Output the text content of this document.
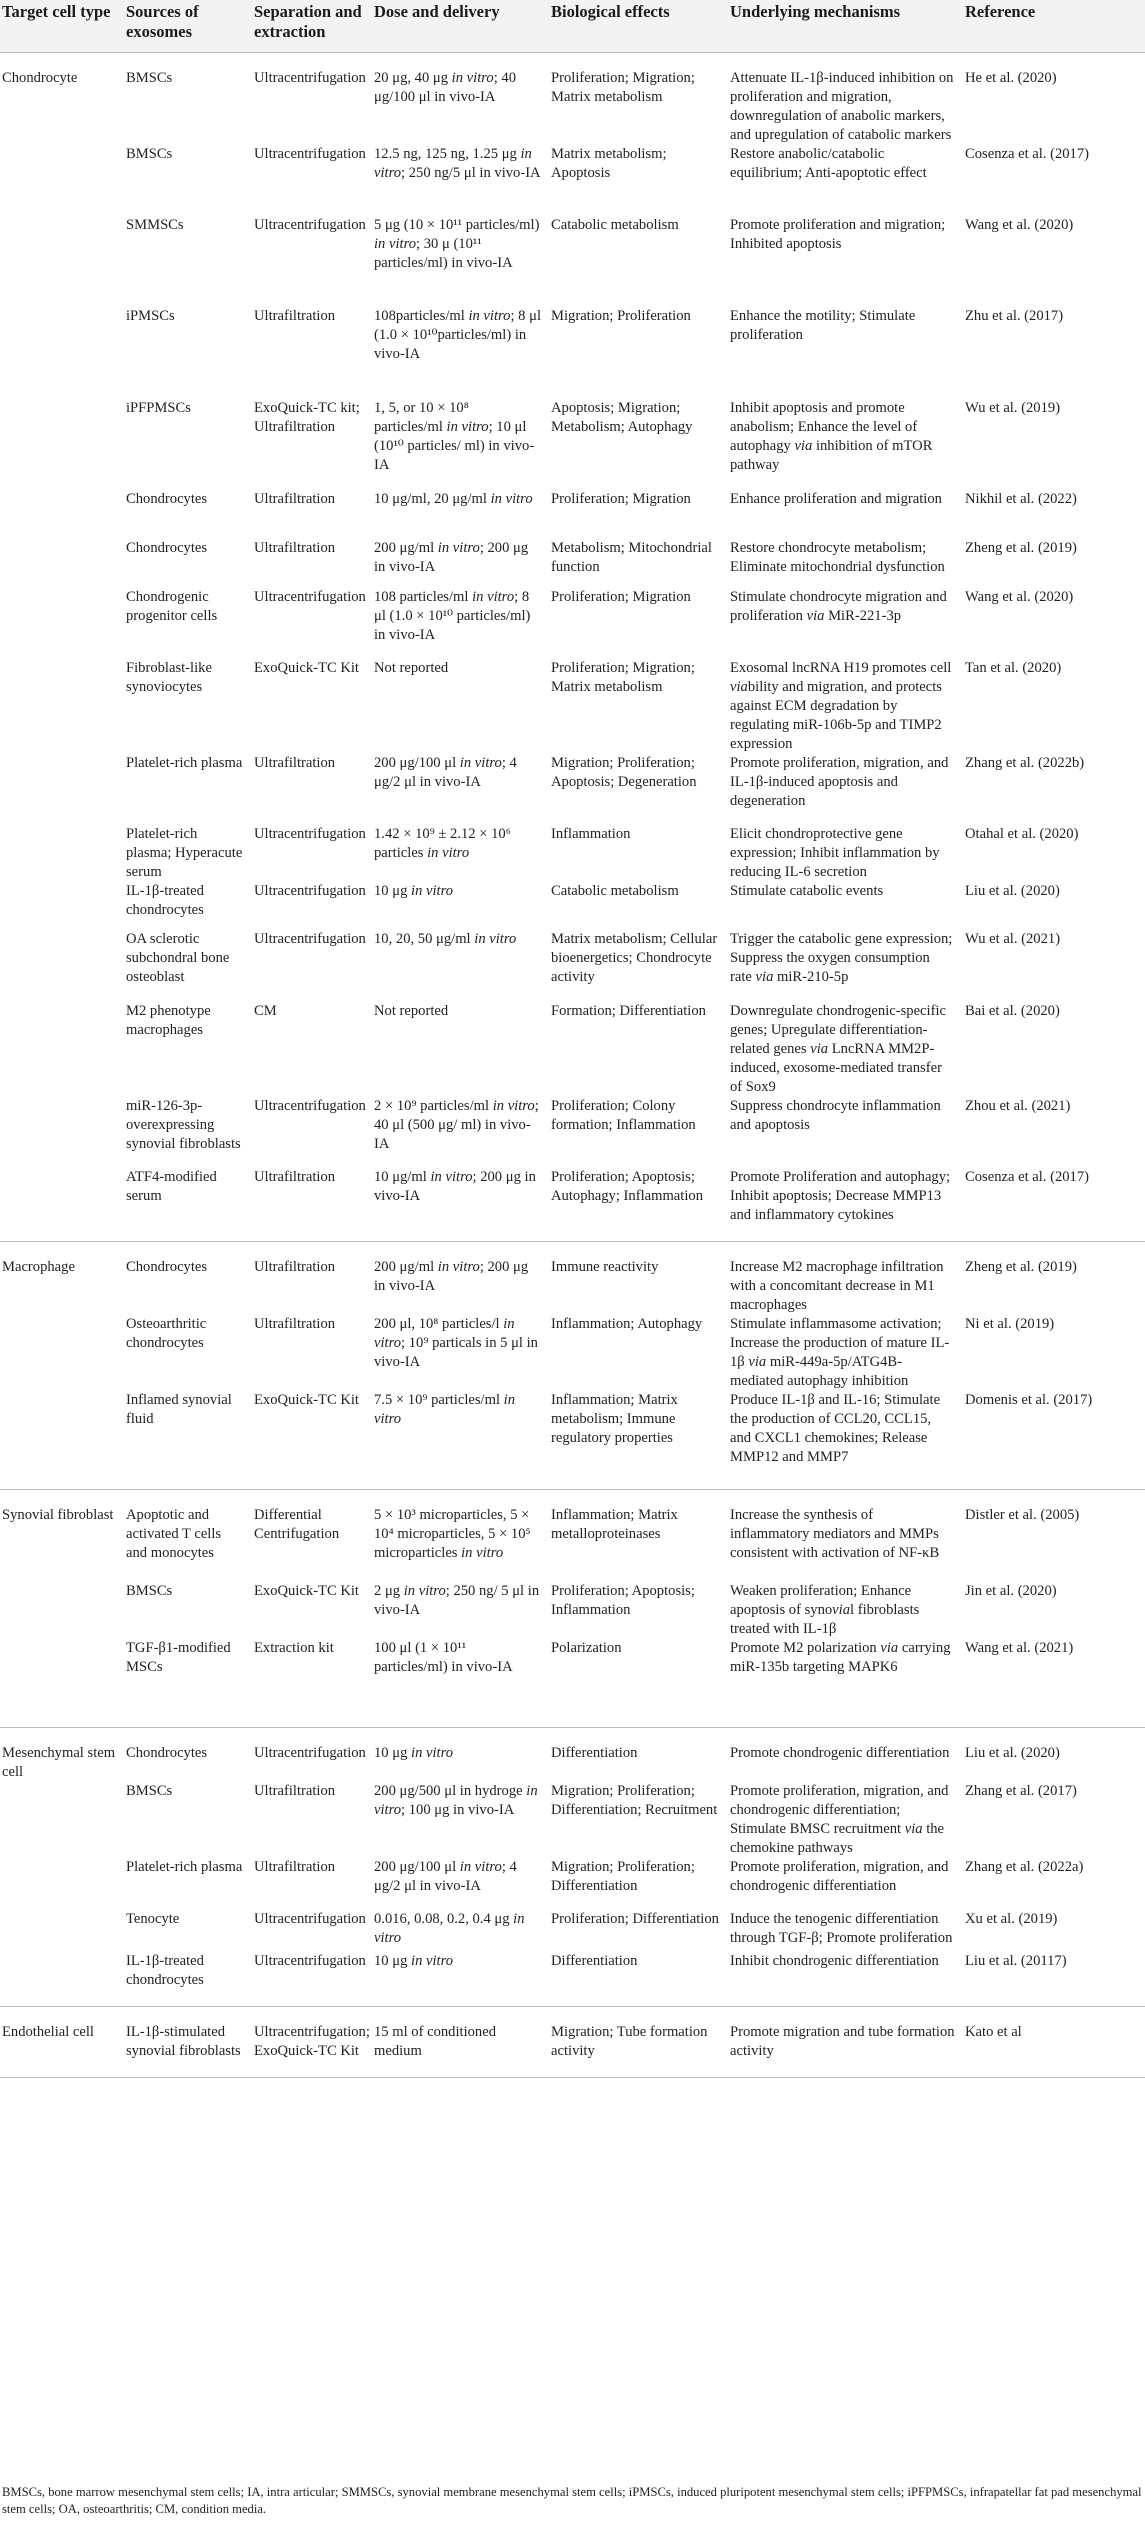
Target cell type	Sources of exosomes	Separation and extraction	Dose and delivery	Biological effects	Underlying mechanisms	Reference
Chondrocyte	BMSCs	Ultracentrifugation	20 μg, 40 μg in vitro; 40 μg/100 μl in vivo-IA	Proliferation; Migration; Matrix metabolism	Attenuate IL-1β-induced inhibition on proliferation and migration, downregulation of anabolic markers, and upregulation of catabolic markers	He et al. (2020)
	BMSCs	Ultracentrifugation	12.5 ng, 125 ng, 1.25 μg in vitro; 250 ng/5 μl in vivo-IA	Matrix metabolism; Apoptosis	Restore anabolic/catabolic equilibrium; Anti-apoptotic effect	Cosenza et al. (2017)
	SMMSCs	Ultracentrifugation	5 μg (10 × 10¹¹ particles/ml) in vitro; 30 μ (10¹¹ particles/ml) in vivo-IA	Catabolic metabolism	Promote proliferation and migration; Inhibited apoptosis	Wang et al. (2020)
	iPMSCs	Ultrafiltration	108particles/ml in vitro; 8 μl (1.0 × 10¹⁰particles/ml) in vivo-IA	Migration; Proliferation	Enhance the motility; Stimulate proliferation	Zhu et al. (2017)
	iPFPMSCs	ExoQuick-TC kit; Ultrafiltration	1, 5, or 10 × 10⁸ particles/ml in vitro; 10 μl (10¹⁰ particles/ ml) in vivo-IA	Apoptosis; Migration; Metabolism; Autophagy	Inhibit apoptosis and promote anabolism; Enhance the level of autophagy via inhibition of mTOR pathway	Wu et al. (2019)
	Chondrocytes	Ultrafiltration	10 μg/ml, 20 μg/ml in vitro	Proliferation; Migration	Enhance proliferation and migration	Nikhil et al. (2022)
	Chondrocytes	Ultrafiltration	200 μg/ml in vitro; 200 μg in vivo-IA	Metabolism; Mitochondrial function	Restore chondrocyte metabolism; Eliminate mitochondrial dysfunction	Zheng et al. (2019)
	Chondrogenic progenitor cells	Ultracentrifugation	108 particles/ml in vitro; 8 μl (1.0 × 10¹⁰ particles/ml) in vivo-IA	Proliferation; Migration	Stimulate chondrocyte migration and proliferation via MiR-221-3p	Wang et al. (2020)
	Fibroblast-like synoviocytes	ExoQuick-TC Kit	Not reported	Proliferation; Migration; Matrix metabolism	Exosomal lncRNA H19 promotes cell viability and migration, and protects against ECM degradation by regulating miR-106b-5p and TIMP2 expression	Tan et al. (2020)
	Platelet-rich plasma	Ultrafiltration	200 μg/100 μl in vitro; 4 μg/2 μl in vivo-IA	Migration; Proliferation; Apoptosis; Degeneration	Promote proliferation, migration, and IL-1β-induced apoptosis and degeneration	Zhang et al. (2022b)
	Platelet-rich plasma; Hyperacute serum	Ultracentrifugation	1.42 × 10⁹ ± 2.12 × 10⁶ particles in vitro	Inflammation	Elicit chondroprotective gene expression; Inhibit inflammation by reducing IL-6 secretion	Otahal et al. (2020)
	IL-1β-treated chondrocytes	Ultracentrifugation	10 μg in vitro	Catabolic metabolism	Stimulate catabolic events	Liu et al. (2020)
	OA sclerotic subchondral bone osteoblast	Ultracentrifugation	10, 20, 50 μg/ml in vitro	Matrix metabolism; Cellular bioenergetics; Chondrocyte activity	Trigger the catabolic gene expression; Suppress the oxygen consumption rate via miR-210-5p	Wu et al. (2021)
	M2 phenotype macrophages	CM	Not reported	Formation; Differentiation	Downregulate chondrogenic-specific genes; Upregulate differentiation-related genes via LncRNA MM2P-induced, exosome-mediated transfer of Sox9	Bai et al. (2020)
	miR-126-3p-overexpressing synovial fibroblasts	Ultracentrifugation	2 × 10⁹ particles/ml in vitro; 40 μl (500 μg/ ml) in vivo-IA	Proliferation; Colony formation; Inflammation	Suppress chondrocyte inflammation and apoptosis	Zhou et al. (2021)
	ATF4-modified serum	Ultrafiltration	10 μg/ml in vitro; 200 μg in vivo-IA	Proliferation; Apoptosis; Autophagy; Inflammation	Promote Proliferation and autophagy; Inhibit apoptosis; Decrease MMP13 and inflammatory cytokines	Cosenza et al. (2017)
Macrophage	Chondrocytes	Ultrafiltration	200 μg/ml in vitro; 200 μg in vivo-IA	Immune reactivity	Increase M2 macrophage infiltration with a concomitant decrease in M1 macrophages	Zheng et al. (2019)
	Osteoarthritic chondrocytes	Ultrafiltration	200 μl, 10⁸ particles/l in vitro; 10⁹ particals in 5 μl in vivo-IA	Inflammation; Autophagy	Stimulate inflammasome activation; Increase the production of mature IL-1β via miR-449a-5p/ATG4B-mediated autophagy inhibition	Ni et al. (2019)
	Inflamed synovial fluid	ExoQuick-TC Kit	7.5 × 10⁹ particles/ml in vitro	Inflammation; Matrix metabolism; Immune regulatory properties	Produce IL-1β and IL-16; Stimulate the production of CCL20, CCL15, and CXCL1 chemokines; Release MMP12 and MMP7	Domenis et al. (2017)
Synovial fibroblast	Apoptotic and activated T cells and monocytes	Differential Centrifugation	5 × 10³ microparticles, 5 × 10⁴ microparticles, 5 × 10⁵ microparticles in vitro	Inflammation; Matrix metalloproteinases	Increase the synthesis of inflammatory mediators and MMPs consistent with activation of NF-κB	Distler et al. (2005)
	BMSCs	ExoQuick-TC Kit	2 μg in vitro; 250 ng/ 5 μl in vivo-IA	Proliferation; Apoptosis; Inflammation	Weaken proliferation; Enhance apoptosis of synovial fibroblasts treated with IL-1β	Jin et al. (2020)
	TGF-β1-modified MSCs	Extraction kit	100 μl (1 × 10¹¹ particles/ml) in vivo-IA	Polarization	Promote M2 polarization via carrying miR-135b targeting MAPK6	Wang et al. (2021)
Mesenchymal stem cell	Chondrocytes	Ultracentrifugation	10 μg in vitro	Differentiation	Promote chondrogenic differentiation	Liu et al. (2020)
	BMSCs	Ultrafiltration	200 μg/500 μl in hydroge in vitro; 100 μg in vivo-IA	Migration; Proliferation; Differentiation; Recruitment	Promote proliferation, migration, and chondrogenic differentiation; Stimulate BMSC recruitment via the chemokine pathways	Zhang et al. (2017)
	Platelet-rich plasma	Ultrafiltration	200 μg/100 μl in vitro; 4 μg/2 μl in vivo-IA	Migration; Proliferation; Differentiation	Promote proliferation, migration, and chondrogenic differentiation	Zhang et al. (2022a)
	Tenocyte	Ultracentrifugation	0.016, 0.08, 0.2, 0.4 μg in vitro	Proliferation; Differentiation	Induce the tenogenic differentiation through TGF-β; Promote proliferation	Xu et al. (2019)
	IL-1β-treated chondrocytes	Ultracentrifugation	10 μg in vitro	Differentiation	Inhibit chondrogenic differentiation	Liu et al. (20117)
Endothelial cell	IL-1β-stimulated synovial fibroblasts	Ultracentrifugation; ExoQuick-TC Kit	15 ml of conditioned medium	Migration; Tube formation activity	Promote migration and tube formation activity	Kato et al
BMSCs, bone marrow mesenchymal stem cells; IA, intra articular; SMMSCs, synovial membrane mesenchymal stem cells; iPMSCs, induced pluripotent mesenchymal stem cells; iPFPMSCs, infrapatellar fat pad mesenchymal stem cells; OA, osteoarthritis; CM, condition media.
